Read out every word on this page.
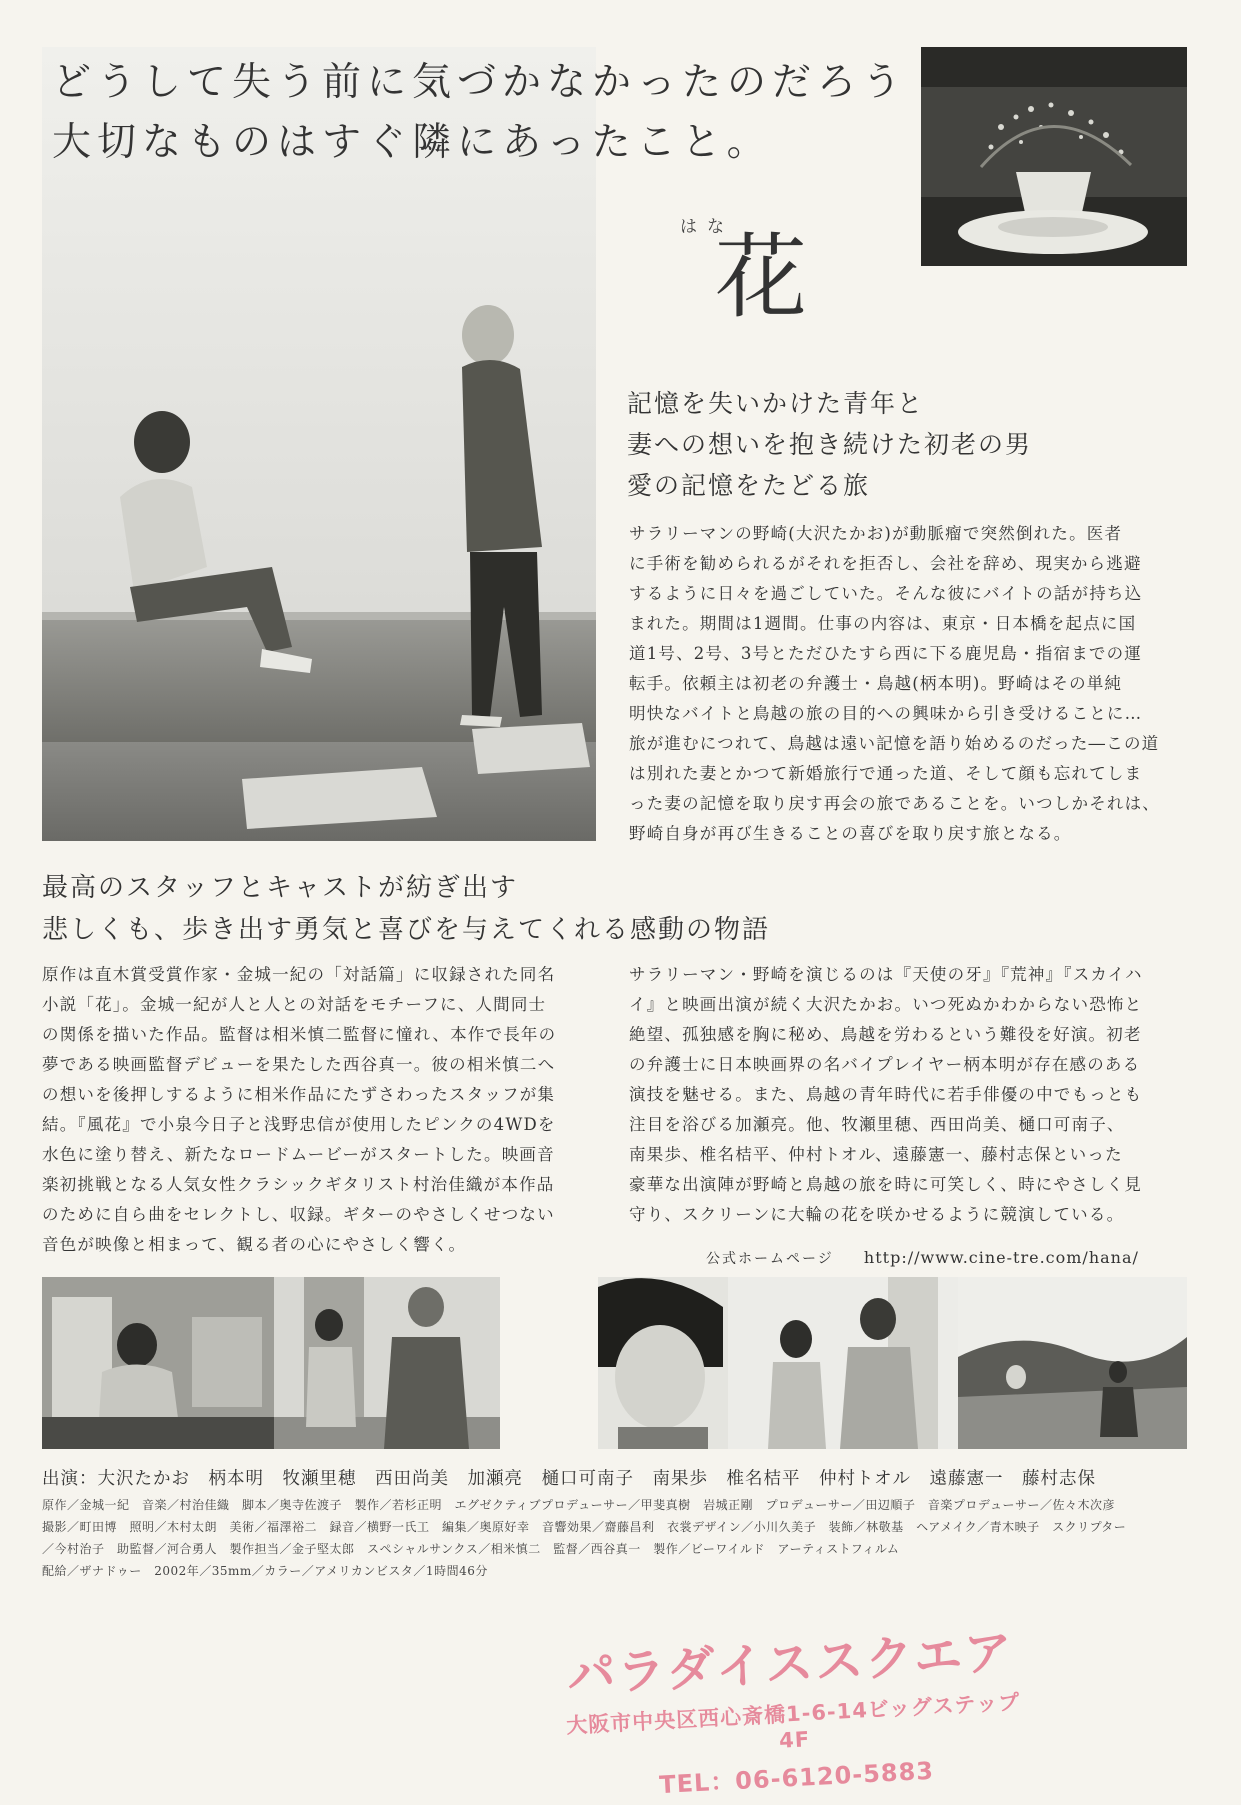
どうして失う前に気づかなかったのだろう
大切なものはすぐ隣にあったこと。
はな
花
記憶を失いかけた青年と
妻への想いを抱き続けた初老の男
愛の記憶をたどる旅
サラリーマンの野崎(大沢たかお)が動脈瘤で突然倒れた。医者
に手術を勧められるがそれを拒否し、会社を辞め、現実から逃避
するように日々を過ごしていた。そんな彼にバイトの話が持ち込
まれた。期間は1週間。仕事の内容は、東京・日本橋を起点に国
道1号、2号、3号とただひたすら西に下る鹿児島・指宿までの運
転手。依頼主は初老の弁護士・鳥越(柄本明)。野崎はその単純
明快なバイトと鳥越の旅の目的への興味から引き受けることに…
旅が進むにつれて、鳥越は遠い記憶を語り始めるのだった―この道
は別れた妻とかつて新婚旅行で通った道、そして顔も忘れてしま
った妻の記憶を取り戻す再会の旅であることを。いつしかそれは、
野崎自身が再び生きることの喜びを取り戻す旅となる。
最高のスタッフとキャストが紡ぎ出す
悲しくも、歩き出す勇気と喜びを与えてくれる感動の物語
原作は直木賞受賞作家・金城一紀の「対話篇」に収録された同名
小説「花」。金城一紀が人と人との対話をモチーフに、人間同士
の関係を描いた作品。監督は相米慎二監督に憧れ、本作で長年の
夢である映画監督デビューを果たした西谷真一。彼の相米慎二へ
の想いを後押しするように相米作品にたずさわったスタッフが集
結。『風花』で小泉今日子と浅野忠信が使用したピンクの4WDを
水色に塗り替え、新たなロードムービーがスタートした。映画音
楽初挑戦となる人気女性クラシックギタリスト村治佳織が本作品
のために自ら曲をセレクトし、収録。ギターのやさしくせつない
音色が映像と相まって、観る者の心にやさしく響く。
サラリーマン・野崎を演じるのは『天使の牙』『荒神』『スカイハ
イ』と映画出演が続く大沢たかお。いつ死ぬかわからない恐怖と
絶望、孤独感を胸に秘め、鳥越を労わるという難役を好演。初老
の弁護士に日本映画界の名バイプレイヤー柄本明が存在感のある
演技を魅せる。また、鳥越の青年時代に若手俳優の中でもっとも
注目を浴びる加瀬亮。他、牧瀬里穂、西田尚美、樋口可南子、
南果歩、椎名桔平、仲村トオル、遠藤憲一、藤村志保といった
豪華な出演陣が野崎と鳥越の旅を時に可笑しく、時にやさしく見
守り、スクリーンに大輪の花を咲かせるように競演している。
公式ホームページ http://www.cine-tre.com/hana/
出演：大沢たかお　柄本明　牧瀬里穂　西田尚美　加瀬亮　樋口可南子　南果歩　椎名桔平　仲村トオル　遠藤憲一　藤村志保
原作／金城一紀　音楽／村治佳織　脚本／奥寺佐渡子　製作／若杉正明　エグゼクティブプロデューサー／甲斐真樹　岩城正剛　プロデューサー／田辺順子　音楽プロデューサー／佐々木次彦
撮影／町田博　照明／木村太朗　美術／福澤裕二　録音／横野一氏工　編集／奥原好幸　音響効果／齋藤昌利　衣裳デザイン／小川久美子　装飾／林敬基　ヘアメイク／青木映子　スクリプター
／今村治子　助監督／河合勇人　製作担当／金子堅太郎　スペシャルサンクス／相米慎二　監督／西谷真一　製作／ビーワイルド　アーティストフィルム
配給／ザナドゥー　2002年／35mm／カラー／アメリカンビスタ／1時間46分
パラダイススクエア
大阪市中央区西心斎橋1-6-14ビッグステップ4F
TEL：06-6120-5883
